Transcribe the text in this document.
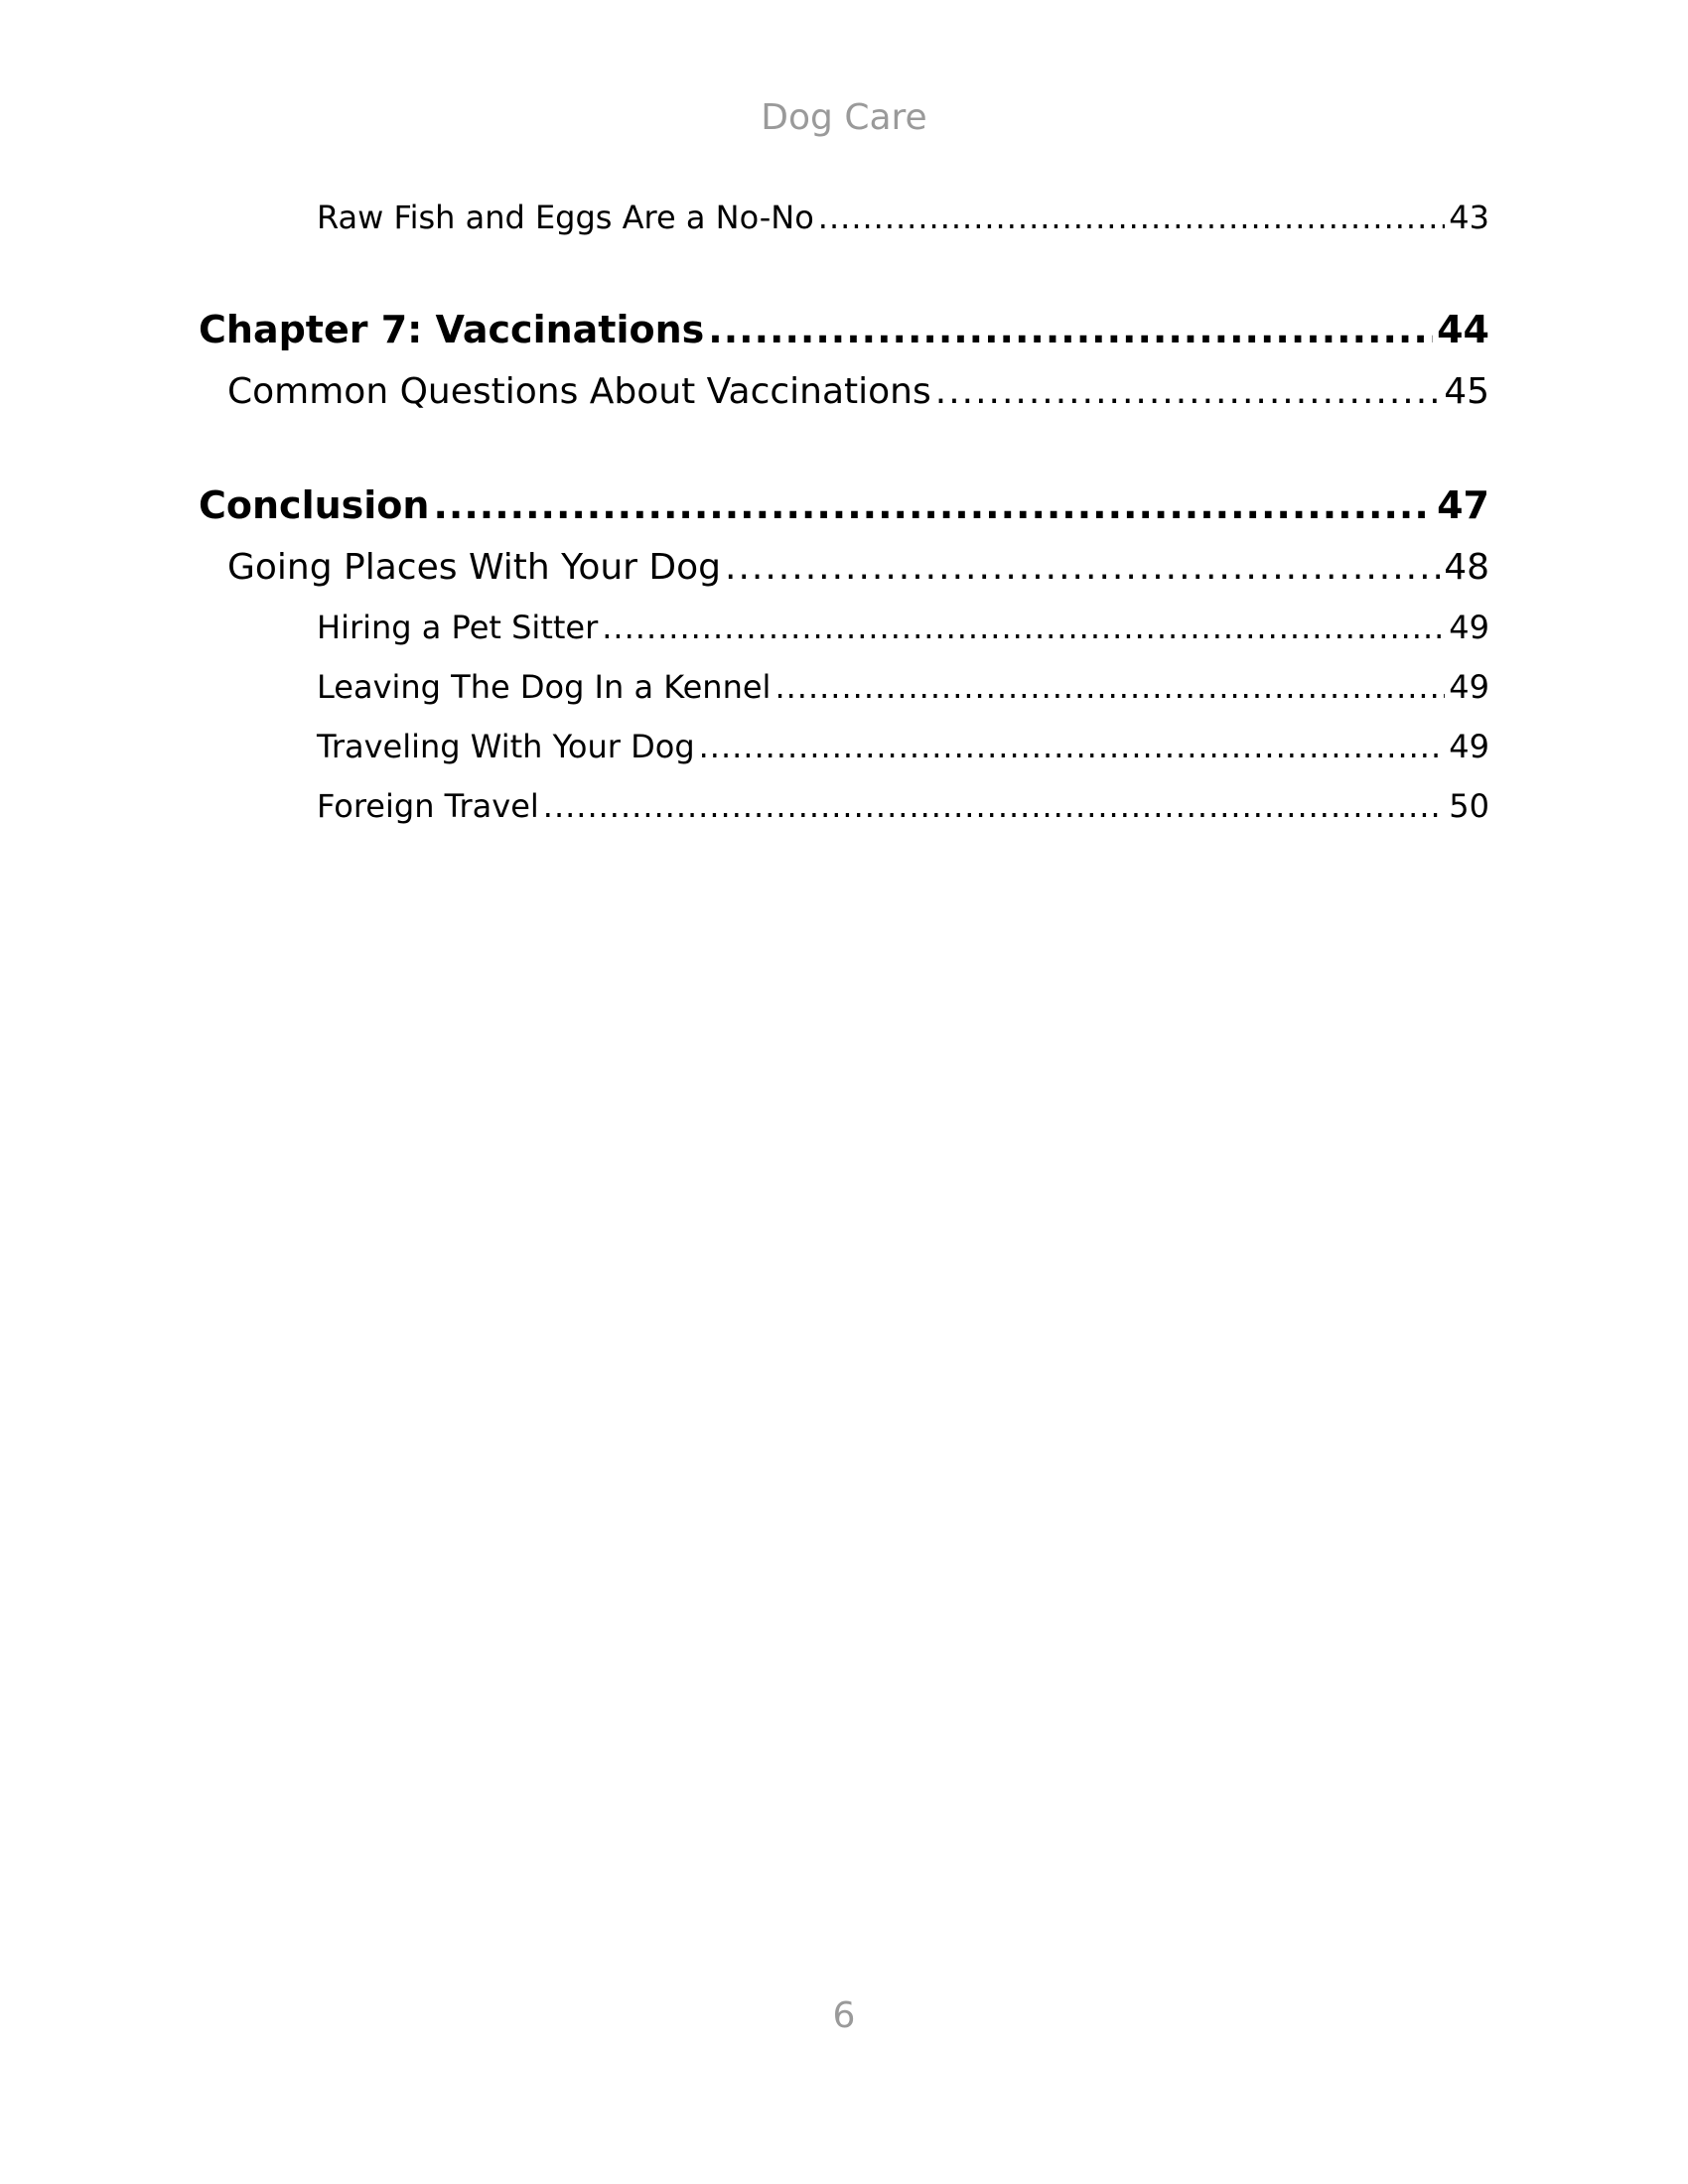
Dog Care
Raw Fish and Eggs Are a No-No .....	43
Chapter 7: Vaccinations .....	44
Common Questions About Vaccinations .....	45
Conclusion .....	47
Going Places With Your Dog .....	48
Hiring a Pet Sitter .....	49
Leaving The Dog In a Kennel .....	49
Traveling With Your Dog .....	49
Foreign Travel .....	50
6
